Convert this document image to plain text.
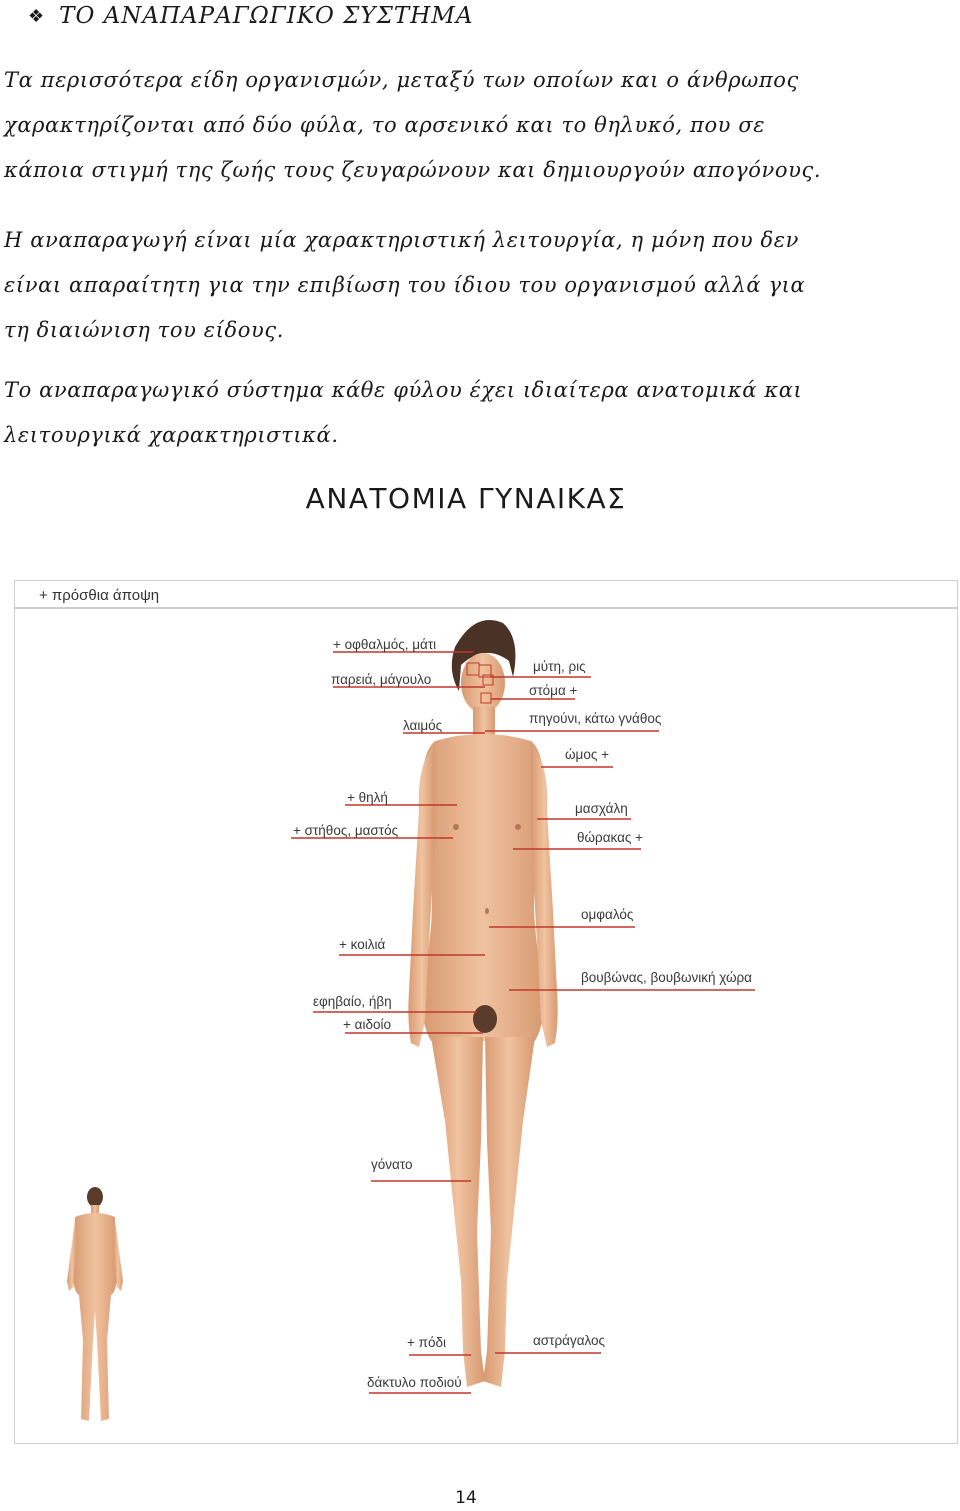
❖ ΤΟ ΑΝΑΠΑΡΑΓΩΓΙΚΟ ΣΥΣΤΗΜΑ

Τα περισσότερα είδη οργανισμών, μεταξύ των οποίων και ο άνθρωπος
χαρακτηρίζονται από δύο φύλα, το αρσενικό και το θηλυκό, που σε
κάποια στιγμή της ζωής τους ζευγαρώνουν και δημιουργούν απογόνους.

Η αναπαραγωγή είναι μία χαρακτηριστική λειτουργία, η μόνη που δεν
είναι απαραίτητη για την επιβίωση του ίδιου του οργανισμού αλλά για
τη διαιώνιση του είδους.

Το αναπαραγωγικό σύστημα κάθε φύλου έχει ιδιαίτερα ανατομικά και
λειτουργικά χαρακτηριστικά.

ΑΝΑΤΟΜΙΑ ΓΥΝΑΙΚΑΣ
+ πρόσθια άποψη
+ οφθαλμός, μάτι
παρειά, μάγουλο
λαιμός
+ θηλή
+ στήθος, μαστός
+ κοιλιά
εφηβαίο, ήβη
+ αιδοίο
γόνατο
+ πόδι
δάκτυλο ποδιού
μύτη, ρις
στόμα +
πηγούνι, κάτω γνάθος
ώμος +
μασχάλη
θώρακας +
ομφαλός
βουβώνας, βουβωνική χώρα
αστράγαλος
14
